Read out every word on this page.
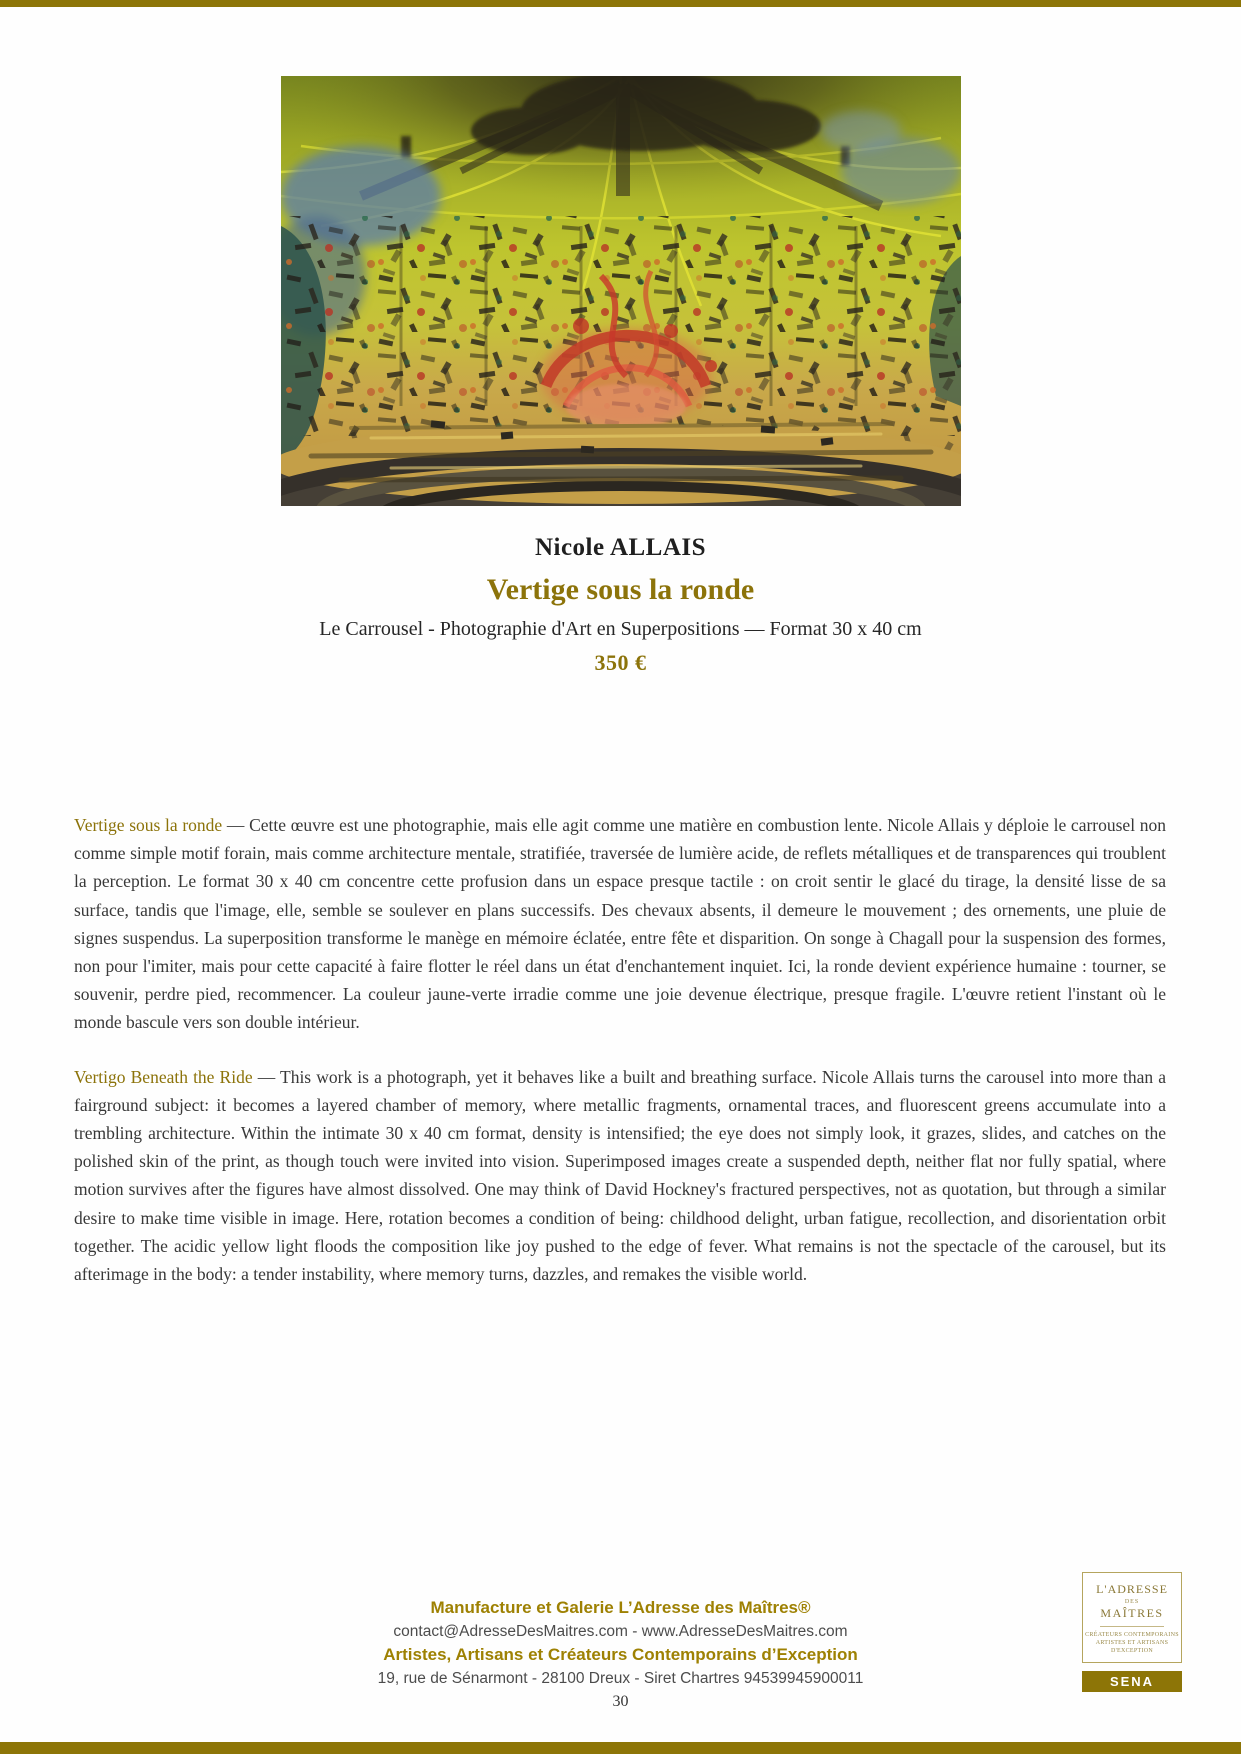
Nicole ALLAIS

Vertige sous la ronde

Le Carrousel - Photographie d'Art en Superpositions — Format 30 x 40 cm

350 €

Vertige sous la ronde — Cette œuvre est une photographie, mais elle agit comme une matière en combustion lente. Nicole Allais y déploie le carrousel non comme simple motif forain, mais comme architecture mentale, stratifiée, traversée de lumière acide, de reflets métalliques et de transparences qui troublent la perception. Le format 30 x 40 cm concentre cette profusion dans un espace presque tactile : on croit sentir le glacé du tirage, la densité lisse de sa surface, tandis que l'image, elle, semble se soulever en plans successifs. Des chevaux absents, il demeure le mouvement ; des ornements, une pluie de signes suspendus. La superposition transforme le manège en mémoire éclatée, entre fête et disparition. On songe à Chagall pour la suspension des formes, non pour l'imiter, mais pour cette capacité à faire flotter le réel dans un état d'enchantement inquiet. Ici, la ronde devient expérience humaine : tourner, se souvenir, perdre pied, recommencer. La couleur jaune-verte irradie comme une joie devenue électrique, presque fragile. L'œuvre retient l'instant où le monde bascule vers son double intérieur.

Vertigo Beneath the Ride — This work is a photograph, yet it behaves like a built and breathing surface. Nicole Allais turns the carousel into more than a fairground subject: it becomes a layered chamber of memory, where metallic fragments, ornamental traces, and fluorescent greens accumulate into a trembling architecture. Within the intimate 30 x 40 cm format, density is intensified; the eye does not simply look, it grazes, slides, and catches on the polished skin of the print, as though touch were invited into vision. Superimposed images create a suspended depth, neither flat nor fully spatial, where motion survives after the figures have almost dissolved. One may think of David Hockney's fractured perspectives, not as quotation, but through a similar desire to make time visible in image. Here, rotation becomes a condition of being: childhood delight, urban fatigue, recollection, and disorientation orbit together. The acidic yellow light floods the composition like joy pushed to the edge of fever. What remains is not the spectacle of the carousel, but its afterimage in the body: a tender instability, where memory turns, dazzles, and remakes the visible world.

Manufacture et Galerie L’Adresse des Maîtres®

contact@AdresseDesMaitres.com - www.AdresseDesMaitres.com

Artistes, Artisans et Créateurs Contemporains d’Exception

19, rue de Sénarmont - 28100 Dreux - Siret Chartres 94539945900011

30

L'ADRESSE
DES
MAÎTRES
CRÉATEURS CONTEMPORAINS
ARTISTES ET ARTISANS
D'EXCEPTION
SENA
